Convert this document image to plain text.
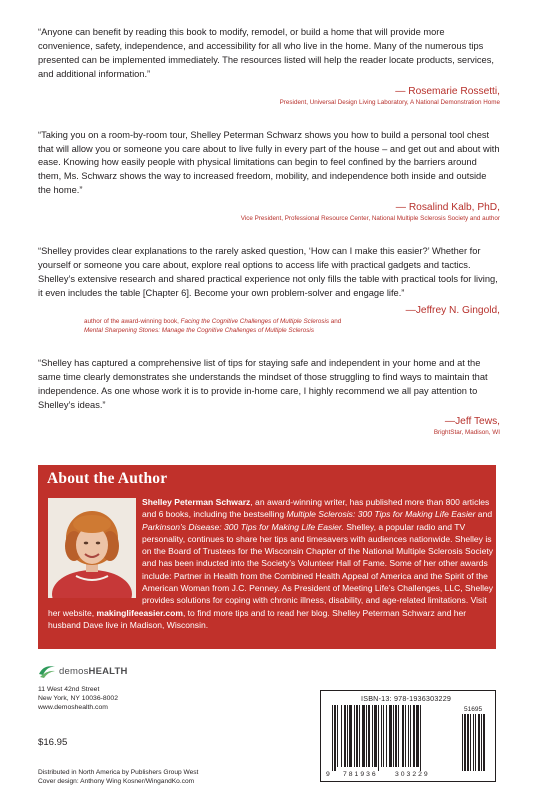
“Anyone can benefit by reading this book to modify, remodel, or build a home that will provide more convenience, safety, independence, and accessibility for all who live in the home. Many of the numerous tips presented can be implemented immediately. The resources listed will help the reader locate products, services, and additional information.”

— Rosemarie Rossetti,
President, Universal Design Living Laboratory, A National Demonstration Home

“Taking you on a room-by-room tour, Shelley Peterman Schwarz shows you how to build a personal tool chest that will allow you or someone you care about to live fully in every part of the house – and get out and about with ease. Knowing how easily people with physical limitations can begin to feel confined by the barriers around them, Ms. Schwarz shows the way to increased freedom, mobility, and independence both inside and outside the home.”

— Rosalind Kalb, PhD,
Vice President, Professional Resource Center, National Multiple Sclerosis Society and author

“Shelley provides clear explanations to the rarely asked question, ‘How can I make this easier?’ Whether for yourself or someone you care about, explore real options to access life with practical gadgets and tactics. Shelley’s extensive research and shared practical experience not only fills the table with practical tools for living, it even includes the table [Chapter 6]. Become your own problem-solver and engage life.”

—Jeffrey N. Gingold,
author of the award-winning book, Facing the Cognitive Challenges of Multiple Sclerosis and
Mental Sharpening Stones: Manage the Cognitive Challenges of Multiple Sclerosis

“Shelley has captured a comprehensive list of tips for staying safe and independent in your home and at the same time clearly demonstrates she understands the mindset of those struggling to find ways to maintain that independence. As one whose work it is to provide in-home care, I highly recommend we all pay attention to Shelley’s ideas.”

—Jeff Tews,
BrightStar, Madison, WI
About the Author
Shelley Peterman Schwarz, an award-winning writer, has published more than 800 articles and 6 books, including the bestselling Multiple Sclerosis: 300 Tips for Making Life Easier and Parkinson’s Disease: 300 Tips for Making Life Easier. Shelley, a popular radio and TV personality, continues to share her tips and timesavers with audiences nationwide. Shelley is on the Board of Trustees for the Wisconsin Chapter of the National Multiple Sclerosis Society and has been inducted into the Society’s Volunteer Hall of Fame. Some of her other awards include: Partner in Health from the Combined Health Appeal of America and the Spirit of the American Woman from J.C. Penney. As President of Meeting Life’s Challenges, LLC, Shelley provides solutions for coping with chronic illness, disability, and age-related limitations. Visit her website, makinglifeeasier.com, to find more tips and to read her blog. Shelley Peterman Schwarz and her husband Dave live in Madison, Wisconsin.
demosHEALTH
11 West 42nd Street
New York, NY 10036-8002
www.demoshealth.com
$16.95
Distributed in North America by Publishers Group West
Cover design: Anthony Wing Kosner/WingandKo.com
ISBN-13: 978-1936303229
51695
9 781936	303229
